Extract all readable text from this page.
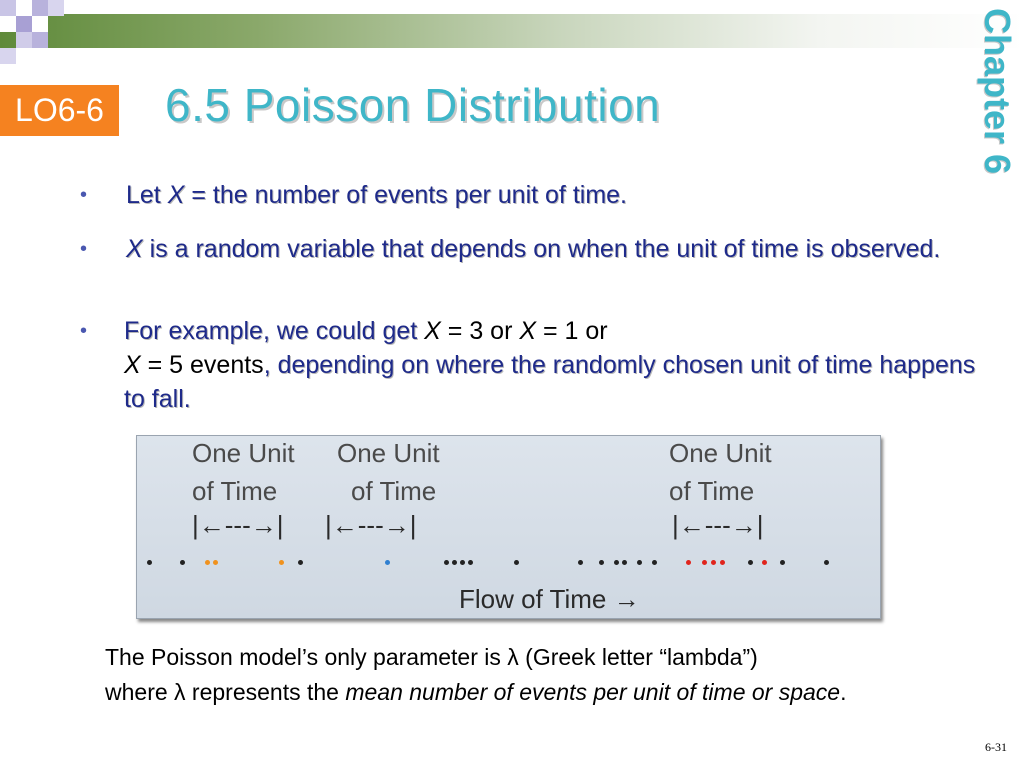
LO6-6	6.5 Poisson Distribution	Chapter 6
• Let X = the number of events per unit of time.
• X is a random variable that depends on when the unit of time is observed.
• For example, we could get X = 3 or X = 1 or
X = 5 events, depending on where the randomly chosen unit of time happens to fall.
One Unit
of Time
One Unit
of Time
One Unit
of Time
|←---→| |←---→|	|←---→|
Flow of Time →
The Poisson model’s only parameter is λ (Greek letter “lambda”)
where λ represents the mean number of events per unit of time or space.
6-31
